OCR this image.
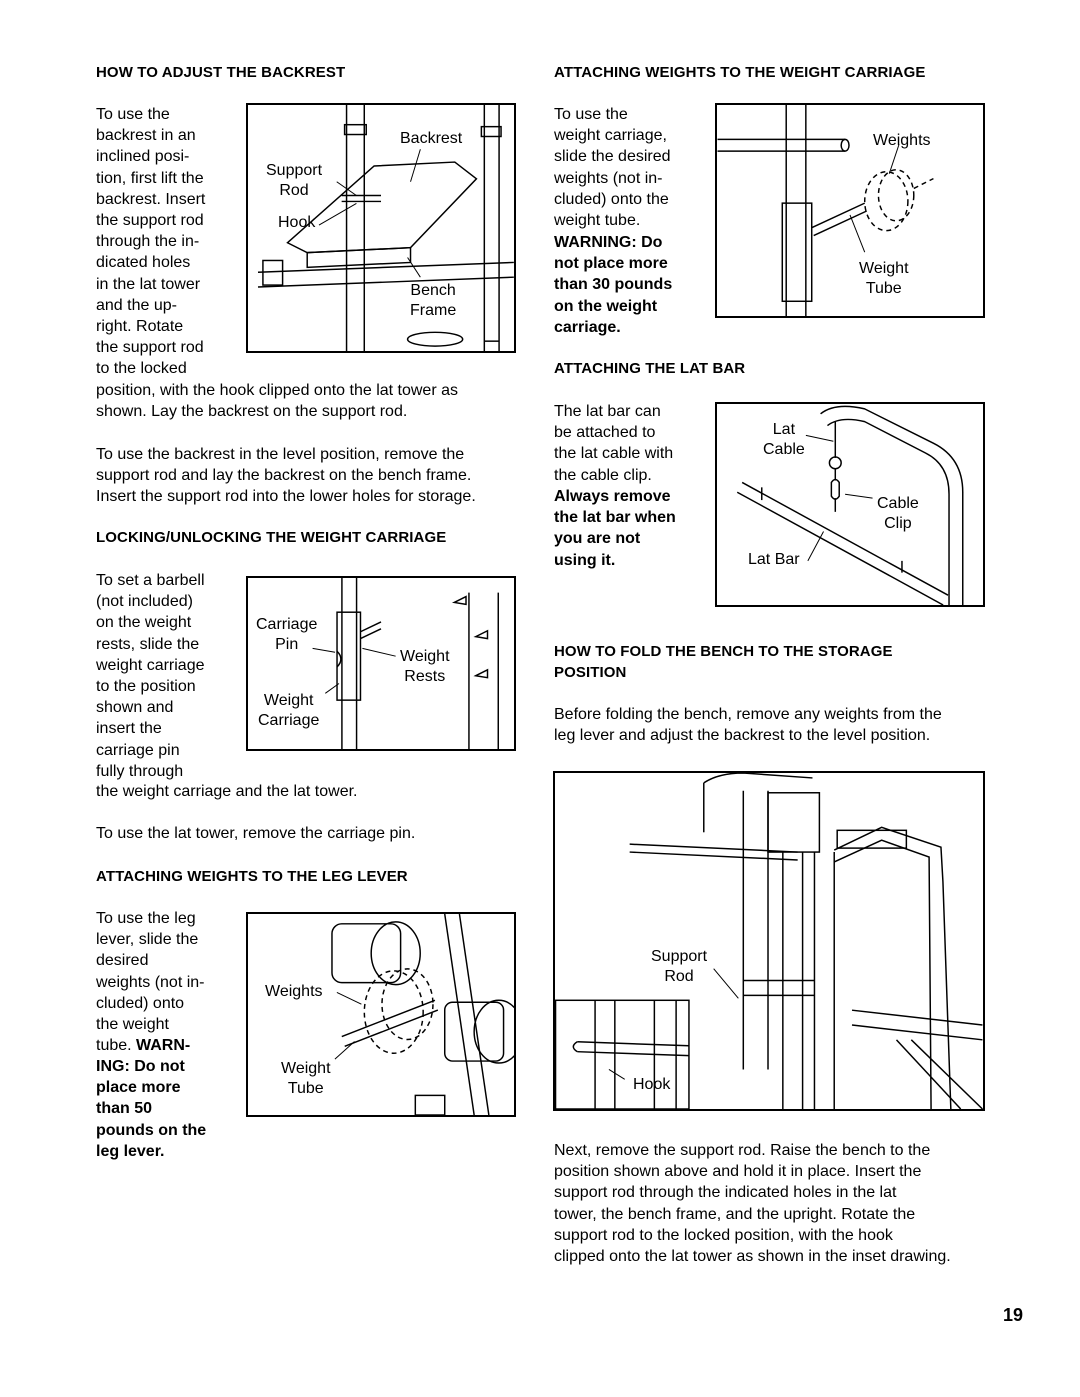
HOW TO ADJUST THE BACKREST
To use the
backrest in an
inclined posi-
tion, first lift the
backrest. Insert
the support rod
through the in-
dicated holes
in the lat tower
and the up-
right. Rotate
the support rod
to the locked
Backrest
Support
Rod
Hook
Bench
Frame
position, with the hook clipped onto the lat tower as
shown. Lay the backrest on the support rod.
To use the backrest in the level position, remove the
support rod and lay the backrest on the bench frame.
Insert the support rod into the lower holes for storage.
LOCKING/UNLOCKING THE WEIGHT CARRIAGE
To set a barbell
(not included)
on the weight
rests, slide the
weight carriage
to the position
shown and
insert the
carriage pin
fully through
Carriage
Pin
Weight
Rests
Weight
Carriage
the weight carriage and the lat tower.
To use the lat tower, remove the carriage pin.
ATTACHING WEIGHTS TO THE LEG LEVER
To use the leg
lever, slide the
desired
weights (not in-
cluded) onto
the weight
tube. WARN-
ING: Do not
place more
than 50
pounds on the
leg lever.
Weights
Weight
Tube
ATTACHING WEIGHTS TO THE WEIGHT CARRIAGE
To use the
weight carriage,
slide the desired
weights (not in-
cluded) onto the
weight tube.
WARNING: Do
not place more
than 30 pounds
on the weight
carriage.
Weights
Weight
Tube
ATTACHING THE LAT BAR
The lat bar can
be attached to
the lat cable with
the cable clip.
Always remove
the lat bar when
you are not
using it.
Lat
Cable
Cable
Clip
Lat Bar
HOW TO FOLD THE BENCH TO THE STORAGE
POSITION
Before folding the bench, remove any weights from the
leg lever and adjust the backrest to the level position.
Support
Rod
Hook
Next, remove the support rod. Raise the bench to the
position shown above and hold it in place. Insert the
support rod through the indicated holes in the lat
tower, the bench frame, and the upright. Rotate the
support rod to the locked position, with the hook
clipped onto the lat tower as shown in the inset drawing.
19
